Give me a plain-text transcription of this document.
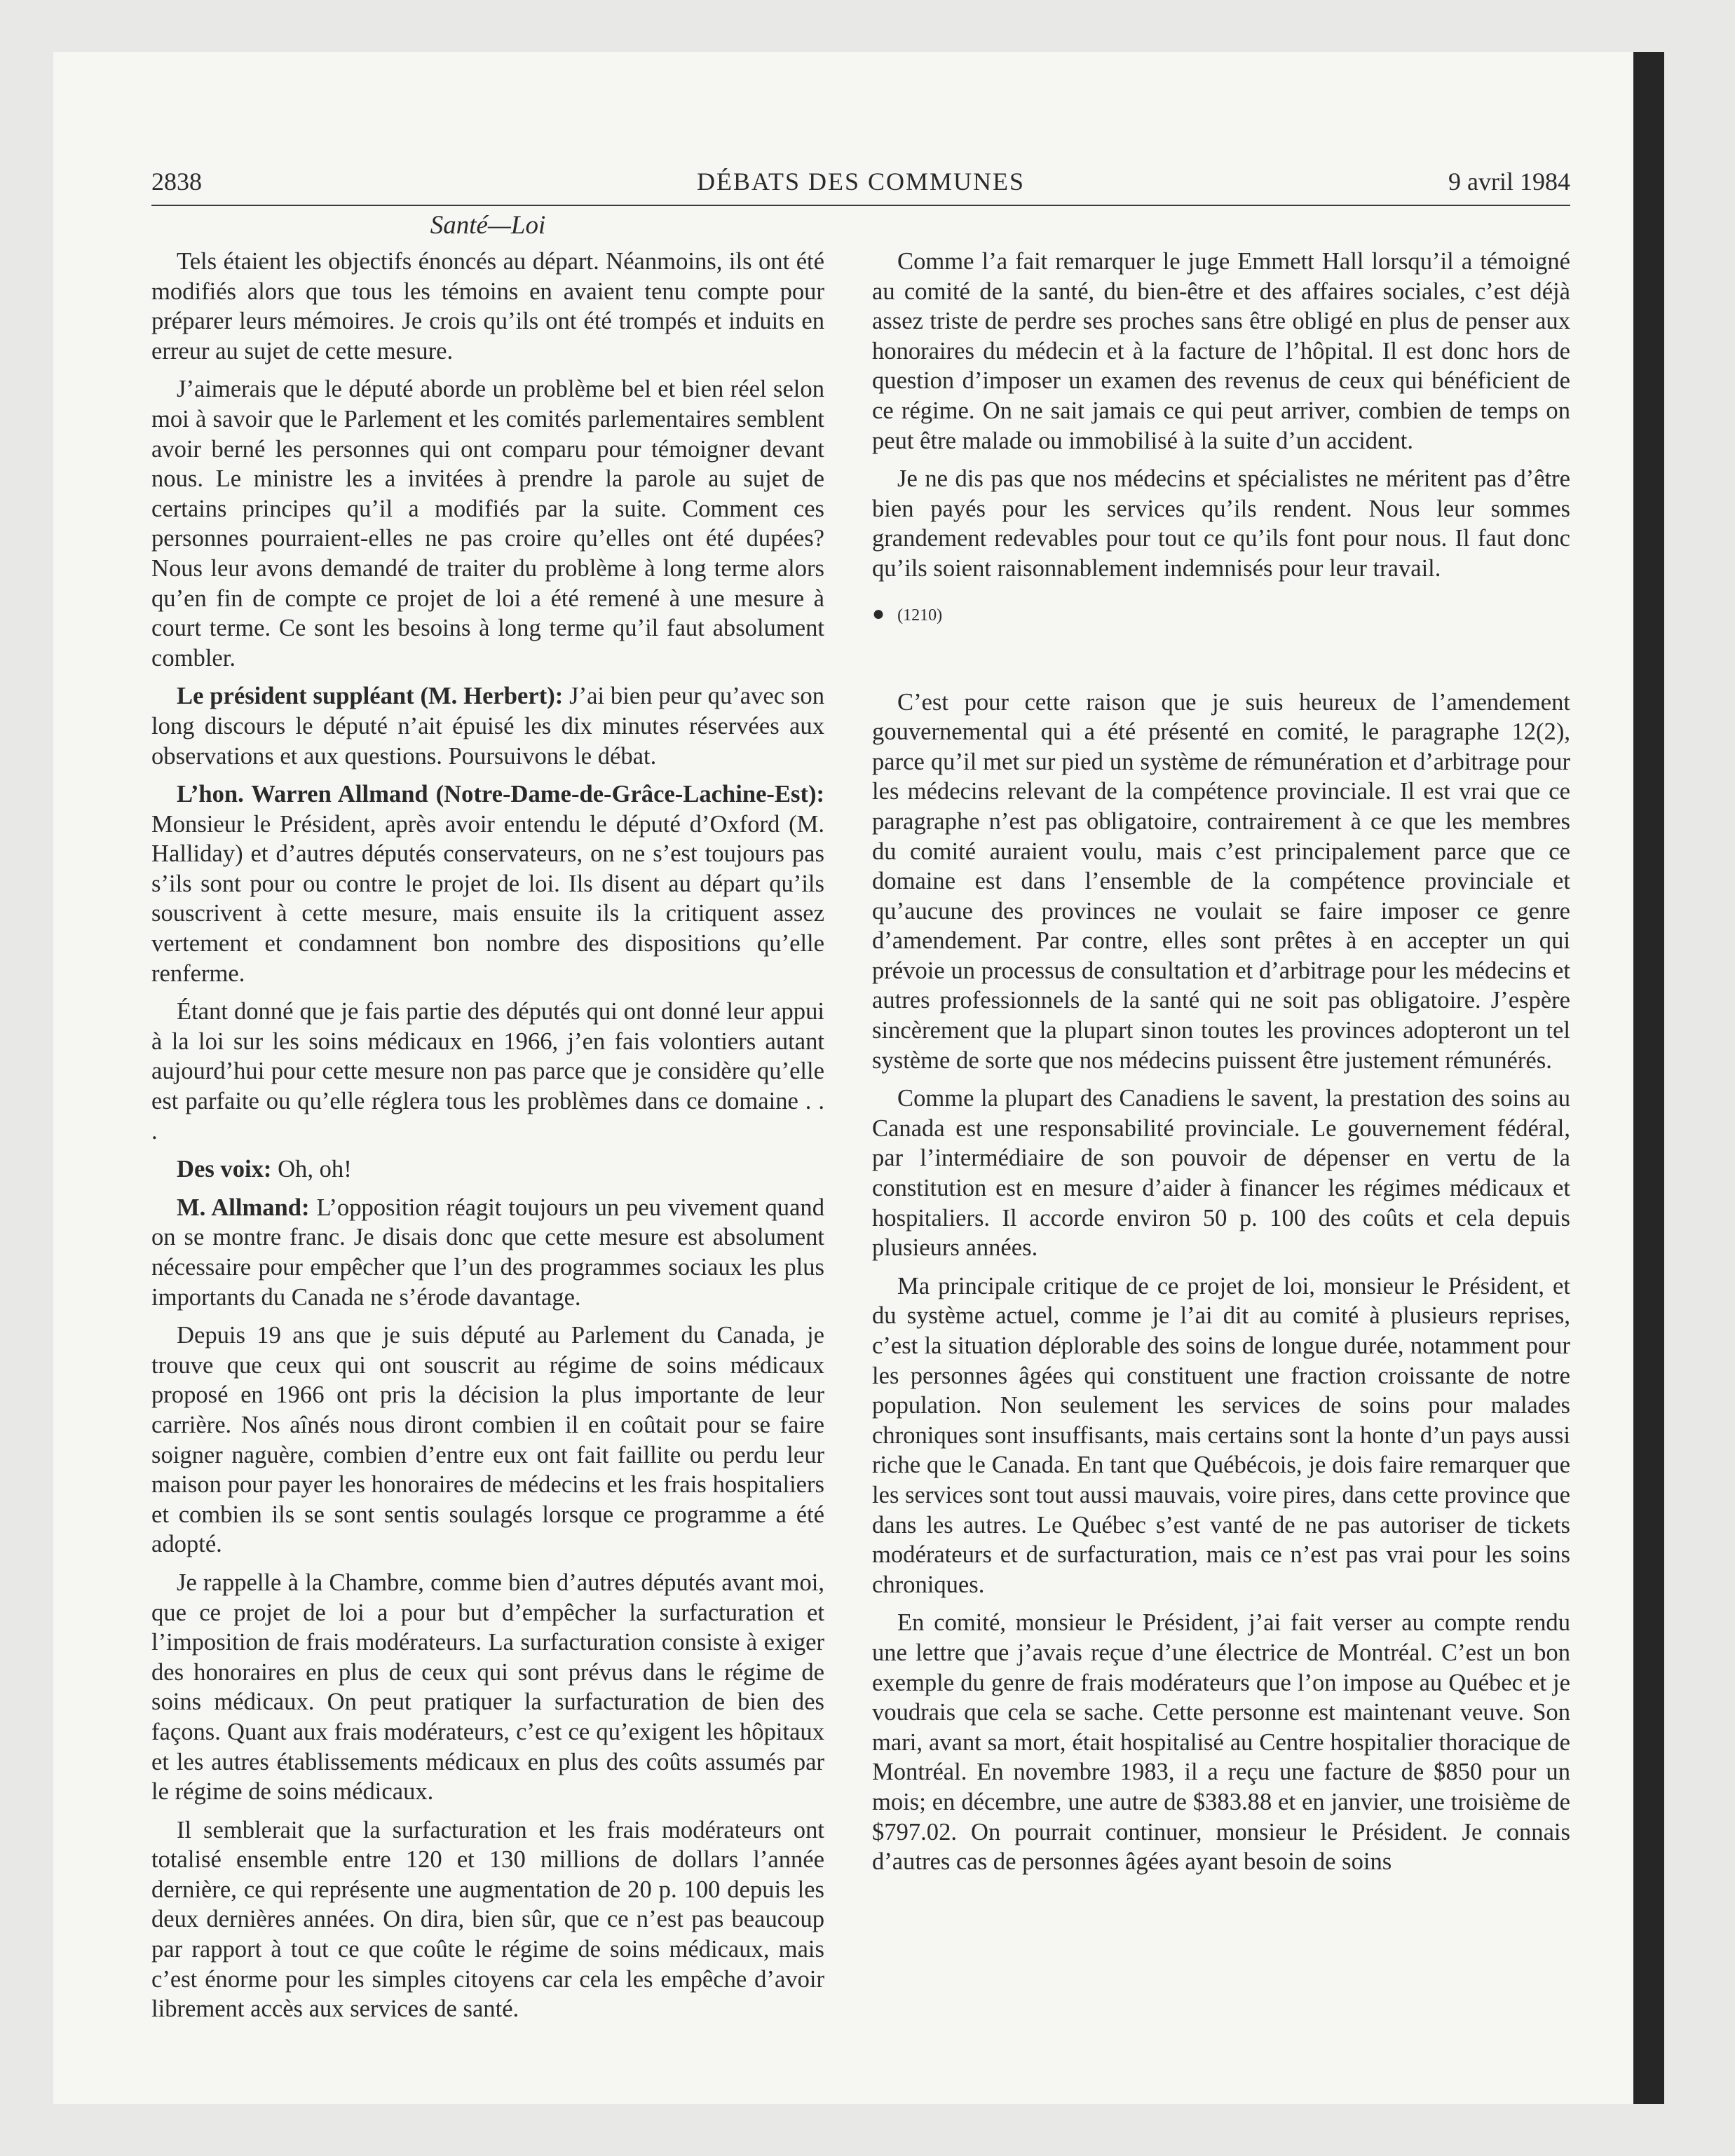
2838	DÉBATS DES COMMUNES	9 avril 1984
Santé—Loi

Tels étaient les objectifs énoncés au départ. Néanmoins, ils ont été modifiés alors que tous les témoins en avaient tenu compte pour préparer leurs mémoires. Je crois qu’ils ont été trompés et induits en erreur au sujet de cette mesure.

J’aimerais que le député aborde un problème bel et bien réel selon moi à savoir que le Parlement et les comités parlementaires semblent avoir berné les personnes qui ont comparu pour témoigner devant nous. Le ministre les a invitées à prendre la parole au sujet de certains principes qu’il a modifiés par la suite. Comment ces personnes pourraient-elles ne pas croire qu’elles ont été dupées? Nous leur avons demandé de traiter du problème à long terme alors qu’en fin de compte ce projet de loi a été remené à une mesure à court terme. Ce sont les besoins à long terme qu’il faut absolument combler.

Le président suppléant (M. Herbert): J’ai bien peur qu’avec son long discours le député n’ait épuisé les dix minutes réservées aux observations et aux questions. Poursuivons le débat.

L’hon. Warren Allmand (Notre-Dame-de-Grâce-Lachine-Est): Monsieur le Président, après avoir entendu le député d’Oxford (M. Halliday) et d’autres députés conservateurs, on ne s’est toujours pas s’ils sont pour ou contre le projet de loi. Ils disent au départ qu’ils souscrivent à cette mesure, mais ensuite ils la critiquent assez vertement et condamnent bon nombre des dispositions qu’elle renferme.

Étant donné que je fais partie des députés qui ont donné leur appui à la loi sur les soins médicaux en 1966, j’en fais volontiers autant aujourd’hui pour cette mesure non pas parce que je considère qu’elle est parfaite ou qu’elle réglera tous les problèmes dans ce domaine . . .

Des voix: Oh, oh!

M. Allmand: L’opposition réagit toujours un peu vivement quand on se montre franc. Je disais donc que cette mesure est absolument nécessaire pour empêcher que l’un des programmes sociaux les plus importants du Canada ne s’érode davantage.

Depuis 19 ans que je suis député au Parlement du Canada, je trouve que ceux qui ont souscrit au régime de soins médicaux proposé en 1966 ont pris la décision la plus importante de leur carrière. Nos aînés nous diront combien il en coûtait pour se faire soigner naguère, combien d’entre eux ont fait faillite ou perdu leur maison pour payer les honoraires de médecins et les frais hospitaliers et combien ils se sont sentis soulagés lorsque ce programme a été adopté.

Je rappelle à la Chambre, comme bien d’autres députés avant moi, que ce projet de loi a pour but d’empêcher la surfacturation et l’imposition de frais modérateurs. La surfacturation consiste à exiger des honoraires en plus de ceux qui sont prévus dans le régime de soins médicaux. On peut pratiquer la surfacturation de bien des façons. Quant aux frais modérateurs, c’est ce qu’exigent les hôpitaux et les autres établissements médicaux en plus des coûts assumés par le régime de soins médicaux.

Il semblerait que la surfacturation et les frais modérateurs ont totalisé ensemble entre 120 et 130 millions de dollars l’année dernière, ce qui représente une augmentation de 20 p. 100 depuis les deux dernières années. On dira, bien sûr, que ce n’est pas beaucoup par rapport à tout ce que coûte le régime de soins médicaux, mais c’est énorme pour les simples citoyens car cela les empêche d’avoir librement accès aux services de santé.

Comme l’a fait remarquer le juge Emmett Hall lorsqu’il a témoigné au comité de la santé, du bien-être et des affaires sociales, c’est déjà assez triste de perdre ses proches sans être obligé en plus de penser aux honoraires du médecin et à la facture de l’hôpital. Il est donc hors de question d’imposer un examen des revenus de ceux qui bénéficient de ce régime. On ne sait jamais ce qui peut arriver, combien de temps on peut être malade ou immobilisé à la suite d’un accident.

Je ne dis pas que nos médecins et spécialistes ne méritent pas d’être bien payés pour les services qu’ils rendent. Nous leur sommes grandement redevables pour tout ce qu’ils font pour nous. Il faut donc qu’ils soient raisonnablement indemnisés pour leur travail.

● (1210)

C’est pour cette raison que je suis heureux de l’amendement gouvernemental qui a été présenté en comité, le paragraphe 12(2), parce qu’il met sur pied un système de rémunération et d’arbitrage pour les médecins relevant de la compétence provinciale. Il est vrai que ce paragraphe n’est pas obligatoire, contrairement à ce que les membres du comité auraient voulu, mais c’est principalement parce que ce domaine est dans l’ensemble de la compétence provinciale et qu’aucune des provinces ne voulait se faire imposer ce genre d’amendement. Par contre, elles sont prêtes à en accepter un qui prévoie un processus de consultation et d’arbitrage pour les médecins et autres professionnels de la santé qui ne soit pas obligatoire. J’espère sincèrement que la plupart sinon toutes les provinces adopteront un tel système de sorte que nos médecins puissent être justement rémunérés.

Comme la plupart des Canadiens le savent, la prestation des soins au Canada est une responsabilité provinciale. Le gouvernement fédéral, par l’intermédiaire de son pouvoir de dépenser en vertu de la constitution est en mesure d’aider à financer les régimes médicaux et hospitaliers. Il accorde environ 50 p. 100 des coûts et cela depuis plusieurs années.

Ma principale critique de ce projet de loi, monsieur le Président, et du système actuel, comme je l’ai dit au comité à plusieurs reprises, c’est la situation déplorable des soins de longue durée, notamment pour les personnes âgées qui constituent une fraction croissante de notre population. Non seulement les services de soins pour malades chroniques sont insuffisants, mais certains sont la honte d’un pays aussi riche que le Canada. En tant que Québécois, je dois faire remarquer que les services sont tout aussi mauvais, voire pires, dans cette province que dans les autres. Le Québec s’est vanté de ne pas autoriser de tickets modérateurs et de surfacturation, mais ce n’est pas vrai pour les soins chroniques.

En comité, monsieur le Président, j’ai fait verser au compte rendu une lettre que j’avais reçue d’une électrice de Montréal. C’est un bon exemple du genre de frais modérateurs que l’on impose au Québec et je voudrais que cela se sache. Cette personne est maintenant veuve. Son mari, avant sa mort, était hospitalisé au Centre hospitalier thoracique de Montréal. En novembre 1983, il a reçu une facture de $850 pour un mois; en décembre, une autre de $383.88 et en janvier, une troisième de $797.02. On pourrait continuer, monsieur le Président. Je connais d’autres cas de personnes âgées ayant besoin de soins
